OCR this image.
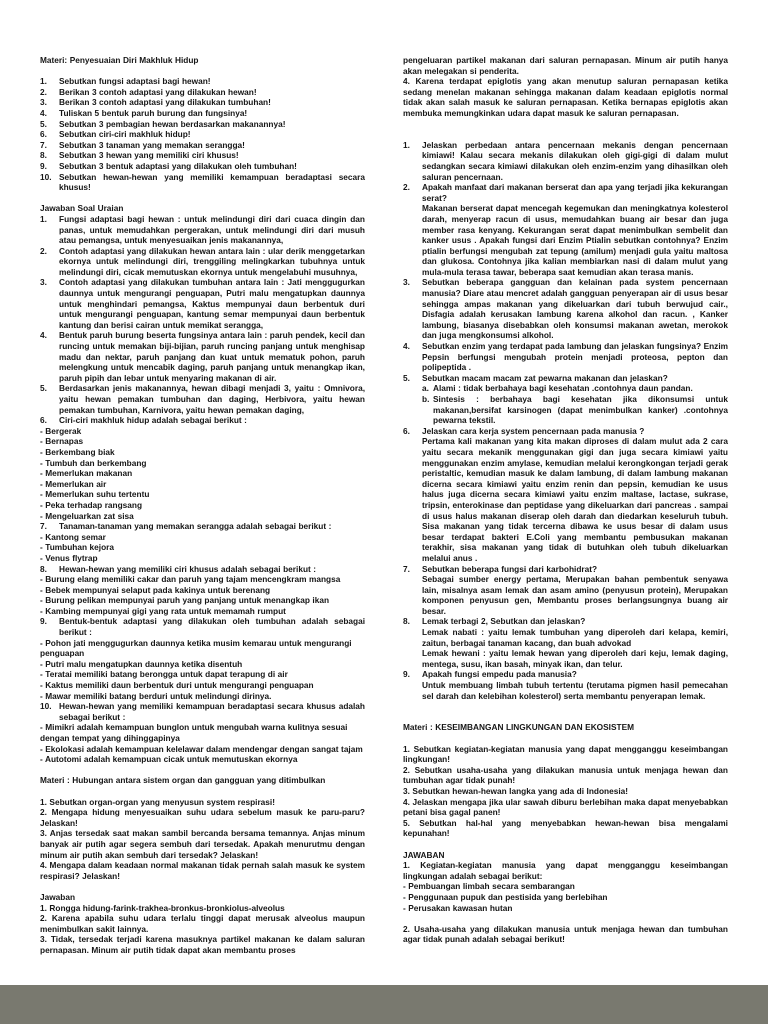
Materi: Penyesuaian Diri Makhluk Hidup
1.	Sebutkan fungsi adaptasi bagi hewan!
2.	Berikan 3 contoh adaptasi yang dilakukan hewan!
3.	Berikan 3 contoh adaptasi yang dilakukan tumbuhan!
4.	Tuliskan 5 bentuk paruh burung dan fungsinya!
5.	Sebutkan 3 pembagian hewan berdasarkan makanannya!
6.	Sebutkan ciri-ciri makhluk hidup!
7.	Sebutkan 3 tanaman yang memakan serangga!
8.	Sebutkan 3 hewan yang memiliki ciri khusus!
9.	Sebutkan 3 bentuk adaptasi yang dilakukan oleh tumbuhan!
10. Sebutkan hewan-hewan yang memiliki kemampuan beradaptasi secara khusus!
Jawaban Soal Uraian
1.	Fungsi adaptasi bagi hewan : untuk melindungi diri dari cuaca dingin dan panas, untuk memudahkan pergerakan, untuk melindungi diri dari musuh atau pemangsa, untuk menyesuaikan jenis makanannya,
2.	Contoh adaptasi yang dilakukan hewan antara lain : ular derik menggetarkan ekornya untuk melindungi diri, trenggiling melingkarkan tubuhnya untuk melindungi diri, cicak memutuskan ekornya untuk mengelabuhi musuhnya,
3.	Contoh adaptasi yang dilakukan tumbuhan antara lain : Jati menggugurkan daunnya untuk mengurangi penguapan, Putri malu mengatupkan daunnya untuk menghindari pemangsa, Kaktus mempunyai daun berbentuk duri untuk mengurangi penguapan, kantung semar mempunyai daun berbentuk kantung dan berisi cairan untuk memikat serangga,
4.	Bentuk paruh burung beserta fungsinya antara lain : paruh pendek, kecil dan runcing untuk memakan biji-bijian, paruh runcing panjang untuk menghisap madu dan nektar, paruh panjang dan kuat untuk mematuk pohon, paruh melengkung untuk mencabik daging, paruh panjang untuk menangkap ikan, paruh pipih dan lebar untuk menyaring makanan di air.
5.	Berdasarkan jenis makanannya, hewan dibagi menjadi 3, yaitu : Omnivora, yaitu hewan pemakan tumbuhan dan daging, Herbivora, yaitu hewan pemakan tumbuhan, Karnivora, yaitu hewan pemakan daging,
6.	Ciri-ciri makhluk hidup adalah sebagai berikut :
- Bergerak
- Bernapas
- Berkembang biak
- Tumbuh dan berkembang
- Memerlukan makanan
- Memerlukan air
- Memerlukan suhu tertentu
- Peka terhadap rangsang
- Mengeluarkan zat sisa
7.	Tanaman-tanaman yang memakan serangga adalah sebagai berikut :
- Kantong semar
- Tumbuhan kejora
- Venus flytrap
8.	Hewan-hewan yang memiliki ciri khusus adalah sebagai berikut :
- Burung elang memiliki cakar dan paruh yang tajam mencengkram mangsa
- Bebek mempunyai selaput pada kakinya untuk berenang
- Burung pelikan mempunyai paruh yang panjang untuk menangkap ikan
- Kambing mempunyai gigi yang rata untuk memamah rumput
9.	Bentuk-bentuk adaptasi yang dilakukan oleh tumbuhan adalah sebagai berikut :
- Pohon jati menggugurkan daunnya ketika musim kemarau untuk mengurangi penguapan
- Putri malu mengatupkan daunnya ketika disentuh
- Teratai memiliki batang berongga untuk dapat terapung di air
- Kaktus memiliki daun berbentuk duri untuk mengurangi penguapan
- Mawar memiliki batang berduri untuk melindungi dirinya.
10. Hewan-hewan yang memiliki kemampuan beradaptasi secara khusus adalah sebagai berikut :
- Mimikri adalah kemampuan bunglon untuk mengubah warna kulitnya sesuai dengan tempat yang dihinggapinya
- Ekolokasi adalah kemampuan kelelawar dalam mendengar dengan sangat tajam
- Autotomi adalah kemampuan cicak untuk memutuskan ekornya
Materi : Hubungan antara sistem organ dan gangguan yang ditimbulkan
1. Sebutkan organ-organ yang menyusun system respirasi!
2. Mengapa hidung menyesuaikan suhu udara sebelum masuk ke paru-paru? Jelaskan!
3. Anjas tersedak saat makan sambil bercanda bersama temannya. Anjas minum banyak air putih agar segera sembuh dari tersedak. Apakah menurutmu dengan minum air putih akan sembuh dari tersedak? Jelaskan!
4. Mengapa dalam keadaan normal makanan tidak pernah salah masuk ke system respirasi? Jelaskan!
Jawaban
1. Rongga hidung-farink-trakhea-bronkus-bronkiolus-alveolus
2. Karena apabila suhu udara terlalu tinggi dapat merusak alveolus maupun menimbulkan sakit lainnya.
3. Tidak, tersedak terjadi karena masuknya partikel makanan ke dalam saluran pernapasan. Minum air putih tidak dapat akan membantu proses
pengeluaran partikel makanan dari saluran pernapasan. Minum air putih hanya akan melegakan si penderita.
4. Karena terdapat epiglotis yang akan menutup saluran pernapasan ketika sedang menelan makanan sehingga makanan dalam keadaan epiglotis normal tidak akan salah masuk ke saluran pernapasan. Ketika bernapas epiglotis akan membuka memungkinkan udara dapat masuk ke saluran pernapasan.
1.	Jelaskan perbedaan antara pencernaan mekanis dengan pencernaan kimiawi! Kalau secara mekanis dilakukan oleh gigi-gigi di dalam mulut sedangkan secara kimiawi dilakukan oleh enzim-enzim yang dihasilkan oleh saluran pencernaan.
2.	Apakah manfaat dari makanan berserat dan apa yang terjadi jika kekurangan serat?
Makanan berserat dapat mencegah kegemukan dan meningkatnya kolesterol darah, menyerap racun di usus, memudahkan buang air besar dan juga member rasa kenyang. Kekurangan serat dapat menimbulkan sembelit dan kanker usus . Apakah fungsi dari Enzim Ptialin sebutkan contohnya? Enzim ptialin berfungsi mengubah zat tepung (amilum) menjadi gula yaitu maltosa dan glukosa. Contohnya jika kalian membiarkan nasi di dalam mulut yang mula-mula terasa tawar, beberapa saat kemudian akan terasa manis.
3.	Sebutkan beberapa gangguan dan kelainan pada system pencernaan manusia? Diare atau mencret adalah gangguan penyerapan air di usus besar sehingga ampas makanan yang dikeluarkan dari tubuh berwujud cair., Disfagia adalah kerusakan lambung karena alkohol dan racun. , Kanker lambung, biasanya disebabkan oleh konsumsi makanan awetan, merokok dan juga mengkonsumsi alkohol.
4.	Sebutkan enzim yang terdapat pada lambung dan jelaskan fungsinya? Enzim Pepsin berfungsi mengubah protein menjadi proteosa, pepton dan polipeptida .
5.	Sebutkan macam macam zat pewarna makanan dan jelaskan?
a. Alami : tidak berbahaya bagi kesehatan .contohnya daun pandan.
b. Sintesis : berbahaya bagi kesehatan jika dikonsumsi untuk makanan,bersifat karsinogen (dapat menimbulkan kanker) .contohnya pewarna tekstil.
6.	Jelaskan cara kerja system pencernaan pada manusia ?
Pertama kali makanan yang kita makan diproses di dalam mulut ada 2 cara yaitu secara mekanik menggunakan gigi dan juga secara kimiawi yaitu menggunakan enzim amylase, kemudian melalui kerongkongan terjadi gerak peristaltic, kemudian masuk ke dalam lambung, di dalam lambung makanan dicerna secara kimiawi yaitu enzim renin dan pepsin, kemudian ke usus halus juga dicerna secara kimiawi yaitu enzim maltase, lactase, sukrase, tripsin, enterokinase dan peptidase yang dikeluarkan dari pancreas . sampai di usus halus makanan diserap oleh darah dan diedarkan keseluruh tubuh. Sisa makanan yang tidak tercerna dibawa ke usus besar di dalam usus besar terdapat bakteri E.Coli yang membantu pembusukan makanan terakhir, sisa makanan yang tidak di butuhkan oleh tubuh dikeluarkan melalui anus .
7.	Sebutkan beberapa fungsi dari karbohidrat?
Sebagai sumber energy pertama, Merupakan bahan pembentuk senyawa lain, misalnya asam lemak dan asam amino (penyusun protein), Merupakan komponen penyusun gen, Membantu proses berlangsungnya buang air besar.
8.	Lemak terbagi 2, Sebutkan dan jelaskan?
Lemak nabati : yaitu lemak tumbuhan yang diperoleh dari kelapa, kemiri, zaitun, berbagai tanaman kacang, dan buah advokad
Lemak hewani : yaitu lemak hewan yang diperoleh dari keju, lemak daging, mentega, susu, ikan basah, minyak ikan, dan telur.
9.	Apakah fungsi empedu pada manusia?
Untuk membuang limbah tubuh tertentu (terutama pigmen hasil pemecahan sel darah dan kelebihan kolesterol) serta membantu penyerapan lemak.
Materi : KESEIMBANGAN LINGKUNGAN DAN EKOSISTEM
1. Sebutkan kegiatan-kegiatan manusia yang dapat mengganggu keseimbangan lingkungan!
2. Sebutkan usaha-usaha yang dilakukan manusia untuk menjaga hewan dan tumbuhan agar tidak punah!
3. Sebutkan hewan-hewan langka yang ada di Indonesia!
4. Jelaskan mengapa jika ular sawah diburu berlebihan maka dapat menyebabkan petani bisa gagal panen!
5. Sebutkan hal-hal yang menyebabkan hewan-hewan bisa mengalami kepunahan!
JAWABAN
1. Kegiatan-kegiatan manusia yang dapat mengganggu keseimbangan lingkungan adalah sebagai berikut:
- Pembuangan limbah secara sembarangan
- Penggunaan pupuk dan pestisida yang berlebihan
- Perusakan kawasan hutan
2. Usaha-usaha yang dilakukan manusia untuk menjaga hewan dan tumbuhan agar tidak punah adalah sebagai berikut!
